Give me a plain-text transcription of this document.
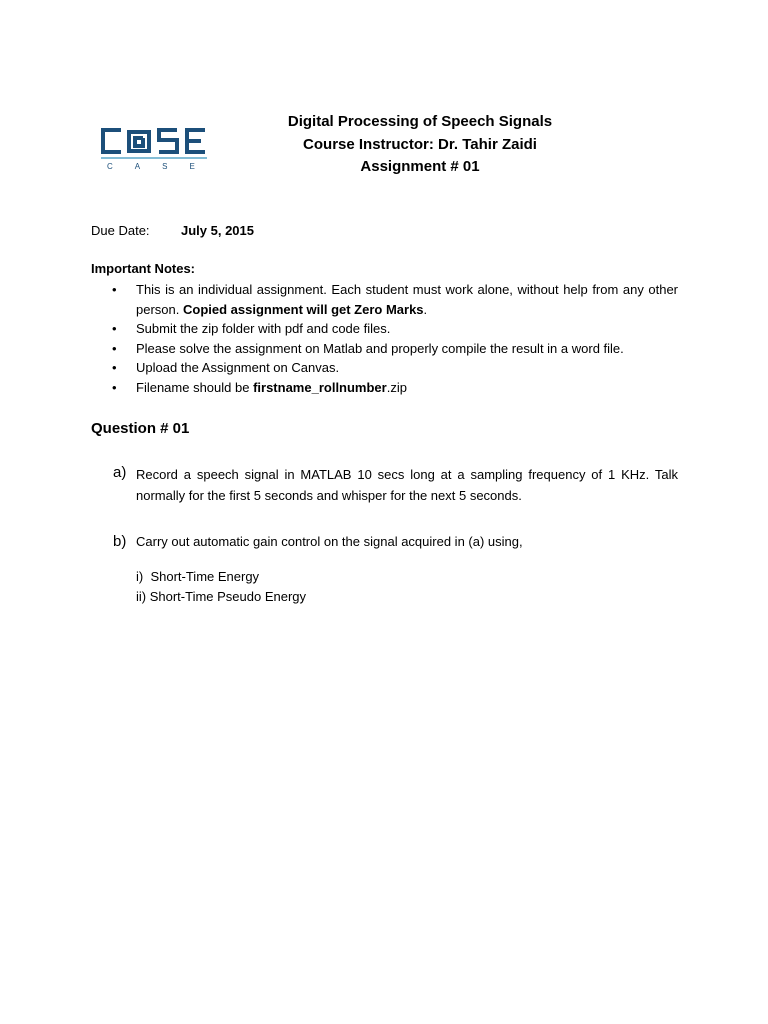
CASE
Digital Processing of Speech Signals
Course Instructor: Dr. Tahir Zaidi
Assignment # 01
Due Date: July 5, 2015
Important Notes:
• This is an individual assignment. Each student must work alone, without help from any other person. Copied assignment will get Zero Marks.
• Submit the zip folder with pdf and code files.
• Please solve the assignment on Matlab and properly compile the result in a word file.
• Upload the Assignment on Canvas.
• Filename should be firstname_rollnumber.zip
Question # 01
a) Record a speech signal in MATLAB 10 secs long at a sampling frequency of 1 KHz. Talk normally for the first 5 seconds and whisper for the next 5 seconds.
b) Carry out automatic gain control on the signal acquired in (a) using,
i)  Short-Time Energy
ii) Short-Time Pseudo Energy
